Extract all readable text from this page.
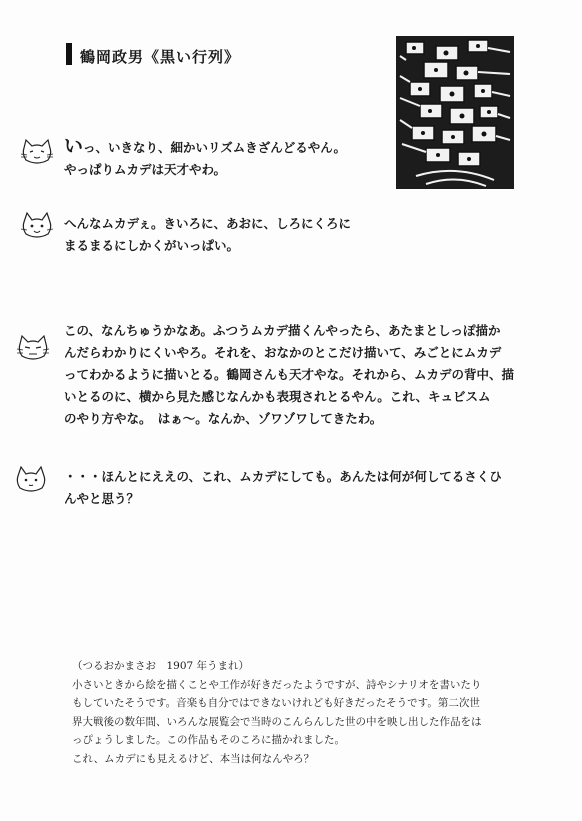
鶴岡政男《黒い行列》
いっ、いきなり、細かいリズムきざんどるやん。
やっぱりムカデは天才やわ。
へんなムカデぇ。きいろに、あおに、しろにくろに
まるまるにしかくがいっぱい。
この、なんちゅうかなあ。ふつうムカデ描くんやったら、あたまとしっぽ描か
んだらわかりにくいやろ。それを、おなかのとこだけ描いて、みごとにムカデ
ってわかるように描いとる。鶴岡さんも天才やな。それから、ムカデの背中、描
いとるのに、横から見た感じなんかも表現されとるやん。これ、キュビスム
のやり方やな。　はぁ～。なんか、ゾワゾワしてきたわ。
・・・ほんとにええの、これ、ムカデにしても。あんたは何が何してるさくひ
んやと思う？
（つるおかまさお　1907 年うまれ）
小さいときから絵を描くことや工作が好きだったようですが、詩やシナリオを書いたり
もしていたそうです。音楽も自分ではできないけれども好きだったそうです。第二次世
界大戦後の数年間、いろんな展覧会で当時のこんらんした世の中を映し出した作品をは
っぴょうしました。この作品もそのころに描かれました。
これ、ムカデにも見えるけど、本当は何なんやろ？
